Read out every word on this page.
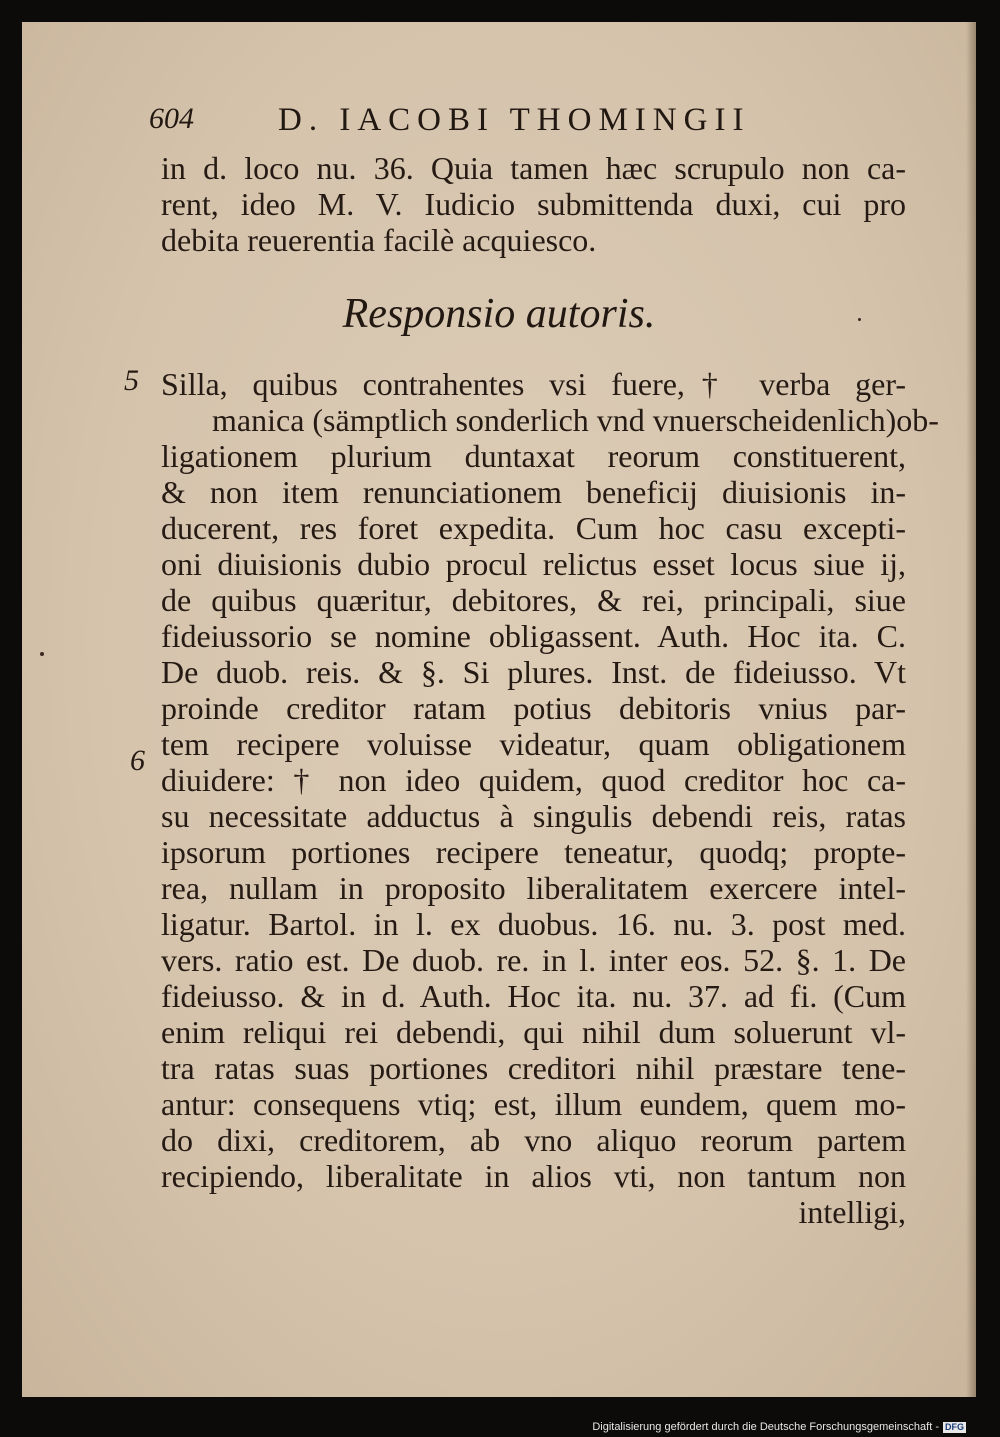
604	D. IACOBI THOMINGII
in d. loco nu. 36. Quia tamen hæc scrupulo non ca-
rent, ideo M. V. Iudicio submittenda duxi, cui pro
debita reuerentia facilè acquiesco.
Responsio autoris.
5
6
Silla, quibus contrahentes vsi fuere,† verba ger-
manica (sämptlich sonderlich vnd vnuerscheidenlich)ob-
ligationem plurium duntaxat reorum constituerent,
& non item renunciationem beneficij diuisionis in-
ducerent, res foret expedita. Cum hoc casu excepti-
oni diuisionis dubio procul relictus esset locus siue ij,
de quibus quæritur, debitores, & rei, principali, siue
fideiussorio se nomine obligassent. Auth. Hoc ita. C.
De duob. reis. & §. Si plures. Inst. de fideiusso. Vt
proinde creditor ratam potius debitoris vnius par-
tem recipere voluisse videatur, quam obligationem
diuidere: † non ideo quidem, quod creditor hoc ca-
su necessitate adductus à singulis debendi reis, ratas
ipsorum portiones recipere teneatur, quodq; propte-
rea, nullam in proposito liberalitatem exercere intel-
ligatur. Bartol. in l. ex duobus. 16. nu. 3. post med.
vers. ratio est. De duob. re. in l. inter eos. 52. §. 1. De
fideiusso. & in d. Auth. Hoc ita. nu. 37. ad fi. (Cum
enim reliqui rei debendi, qui nihil dum soluerunt vl-
tra ratas suas portiones creditori nihil præstare tene-
antur: consequens vtiq; est, illum eundem, quem mo-
do dixi, creditorem, ab vno aliquo reorum partem
recipiendo, liberalitate in alios vti, non tantum non
intelligi,
Digitalisierung gefördert durch die Deutsche Forschungsgemeinschaft - DFG
